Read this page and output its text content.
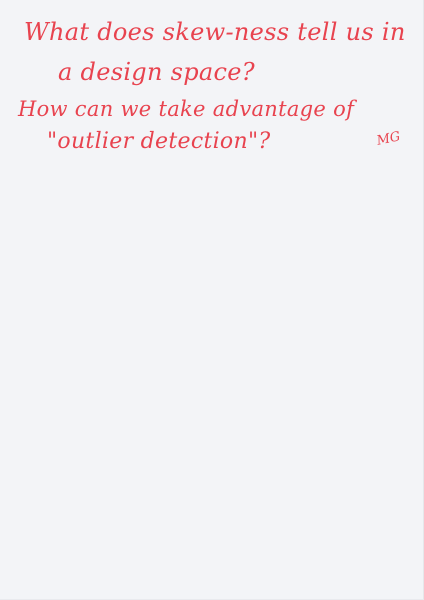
What does skew-ness tell us in
a design space?
How can we take advantage of
"outlier detection"?	MG
